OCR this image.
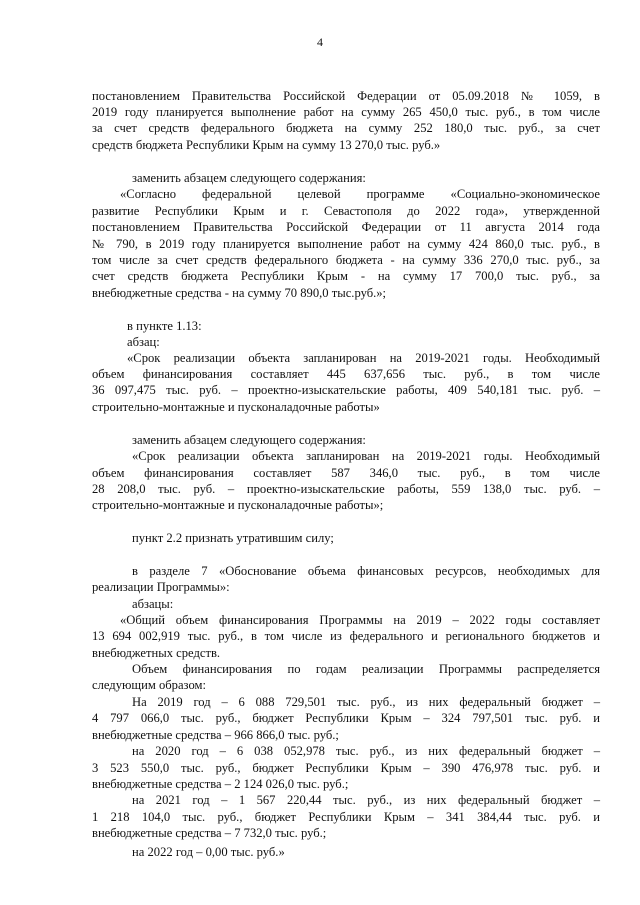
4
постановлением Правительства Российской Федерации от 05.09.2018 № 1059, в
2019 году планируется выполнение работ на сумму 265 450,0 тыс. руб., в том числе
за счет средств федерального бюджета на сумму 252 180,0 тыс. руб., за счет
средств бюджета Республики Крым на сумму 13 270,0 тыс. руб.»
заменить абзацем следующего содержания:
«Согласно федеральной целевой программе «Социально-экономическое
развитие Республики Крым и г. Севастополя до 2022 года», утвержденной
постановлением Правительства Российской Федерации от 11 августа 2014 года
№ 790, в 2019 году планируется выполнение работ на сумму 424 860,0 тыс. руб., в
том числе за счет средств федерального бюджета - на сумму 336 270,0 тыс. руб., за
счет средств бюджета Республики Крым - на сумму 17 700,0 тыс. руб., за
внебюджетные средства - на сумму 70 890,0 тыс.руб.»;
в пункте 1.13:
абзац:
«Срок реализации объекта запланирован на 2019-2021 годы. Необходимый
объем финансирования составляет 445 637,656 тыс. руб., в том числе
36 097,475 тыс. руб. – проектно-изыскательские работы, 409 540,181 тыс. руб. –
строительно-монтажные и пусконаладочные работы»
заменить абзацем следующего содержания:
«Срок реализации объекта запланирован на 2019-2021 годы. Необходимый
объем финансирования составляет 587 346,0 тыс. руб., в том числе
28 208,0 тыс. руб. – проектно-изыскательские работы, 559 138,0 тыс. руб. –
строительно-монтажные и пусконаладочные работы»;
пункт 2.2 признать утратившим силу;
в разделе 7 «Обоснование объема финансовых ресурсов, необходимых для
реализации Программы»:
абзацы:
«Общий объем финансирования Программы на 2019 – 2022 годы составляет
13 694 002,919 тыс. руб., в том числе из федерального и регионального бюджетов и
внебюджетных средств.
Объем финансирования по годам реализации Программы распределяется
следующим образом:
На 2019 год – 6 088 729,501 тыс. руб., из них федеральный бюджет –
4 797 066,0 тыс. руб., бюджет Республики Крым – 324 797,501 тыс. руб. и
внебюджетные средства – 966 866,0 тыс. руб.;
на 2020 год – 6 038 052,978 тыс. руб., из них федеральный бюджет –
3 523 550,0 тыс. руб., бюджет Республики Крым – 390 476,978 тыс. руб. и
внебюджетные средства – 2 124 026,0 тыс. руб.;
на 2021 год – 1 567 220,44 тыс. руб., из них федеральный бюджет –
1 218 104,0 тыс. руб., бюджет Республики Крым – 341 384,44 тыс. руб. и
внебюджетные средства – 7 732,0 тыс. руб.;
на 2022 год – 0,00 тыс. руб.»
